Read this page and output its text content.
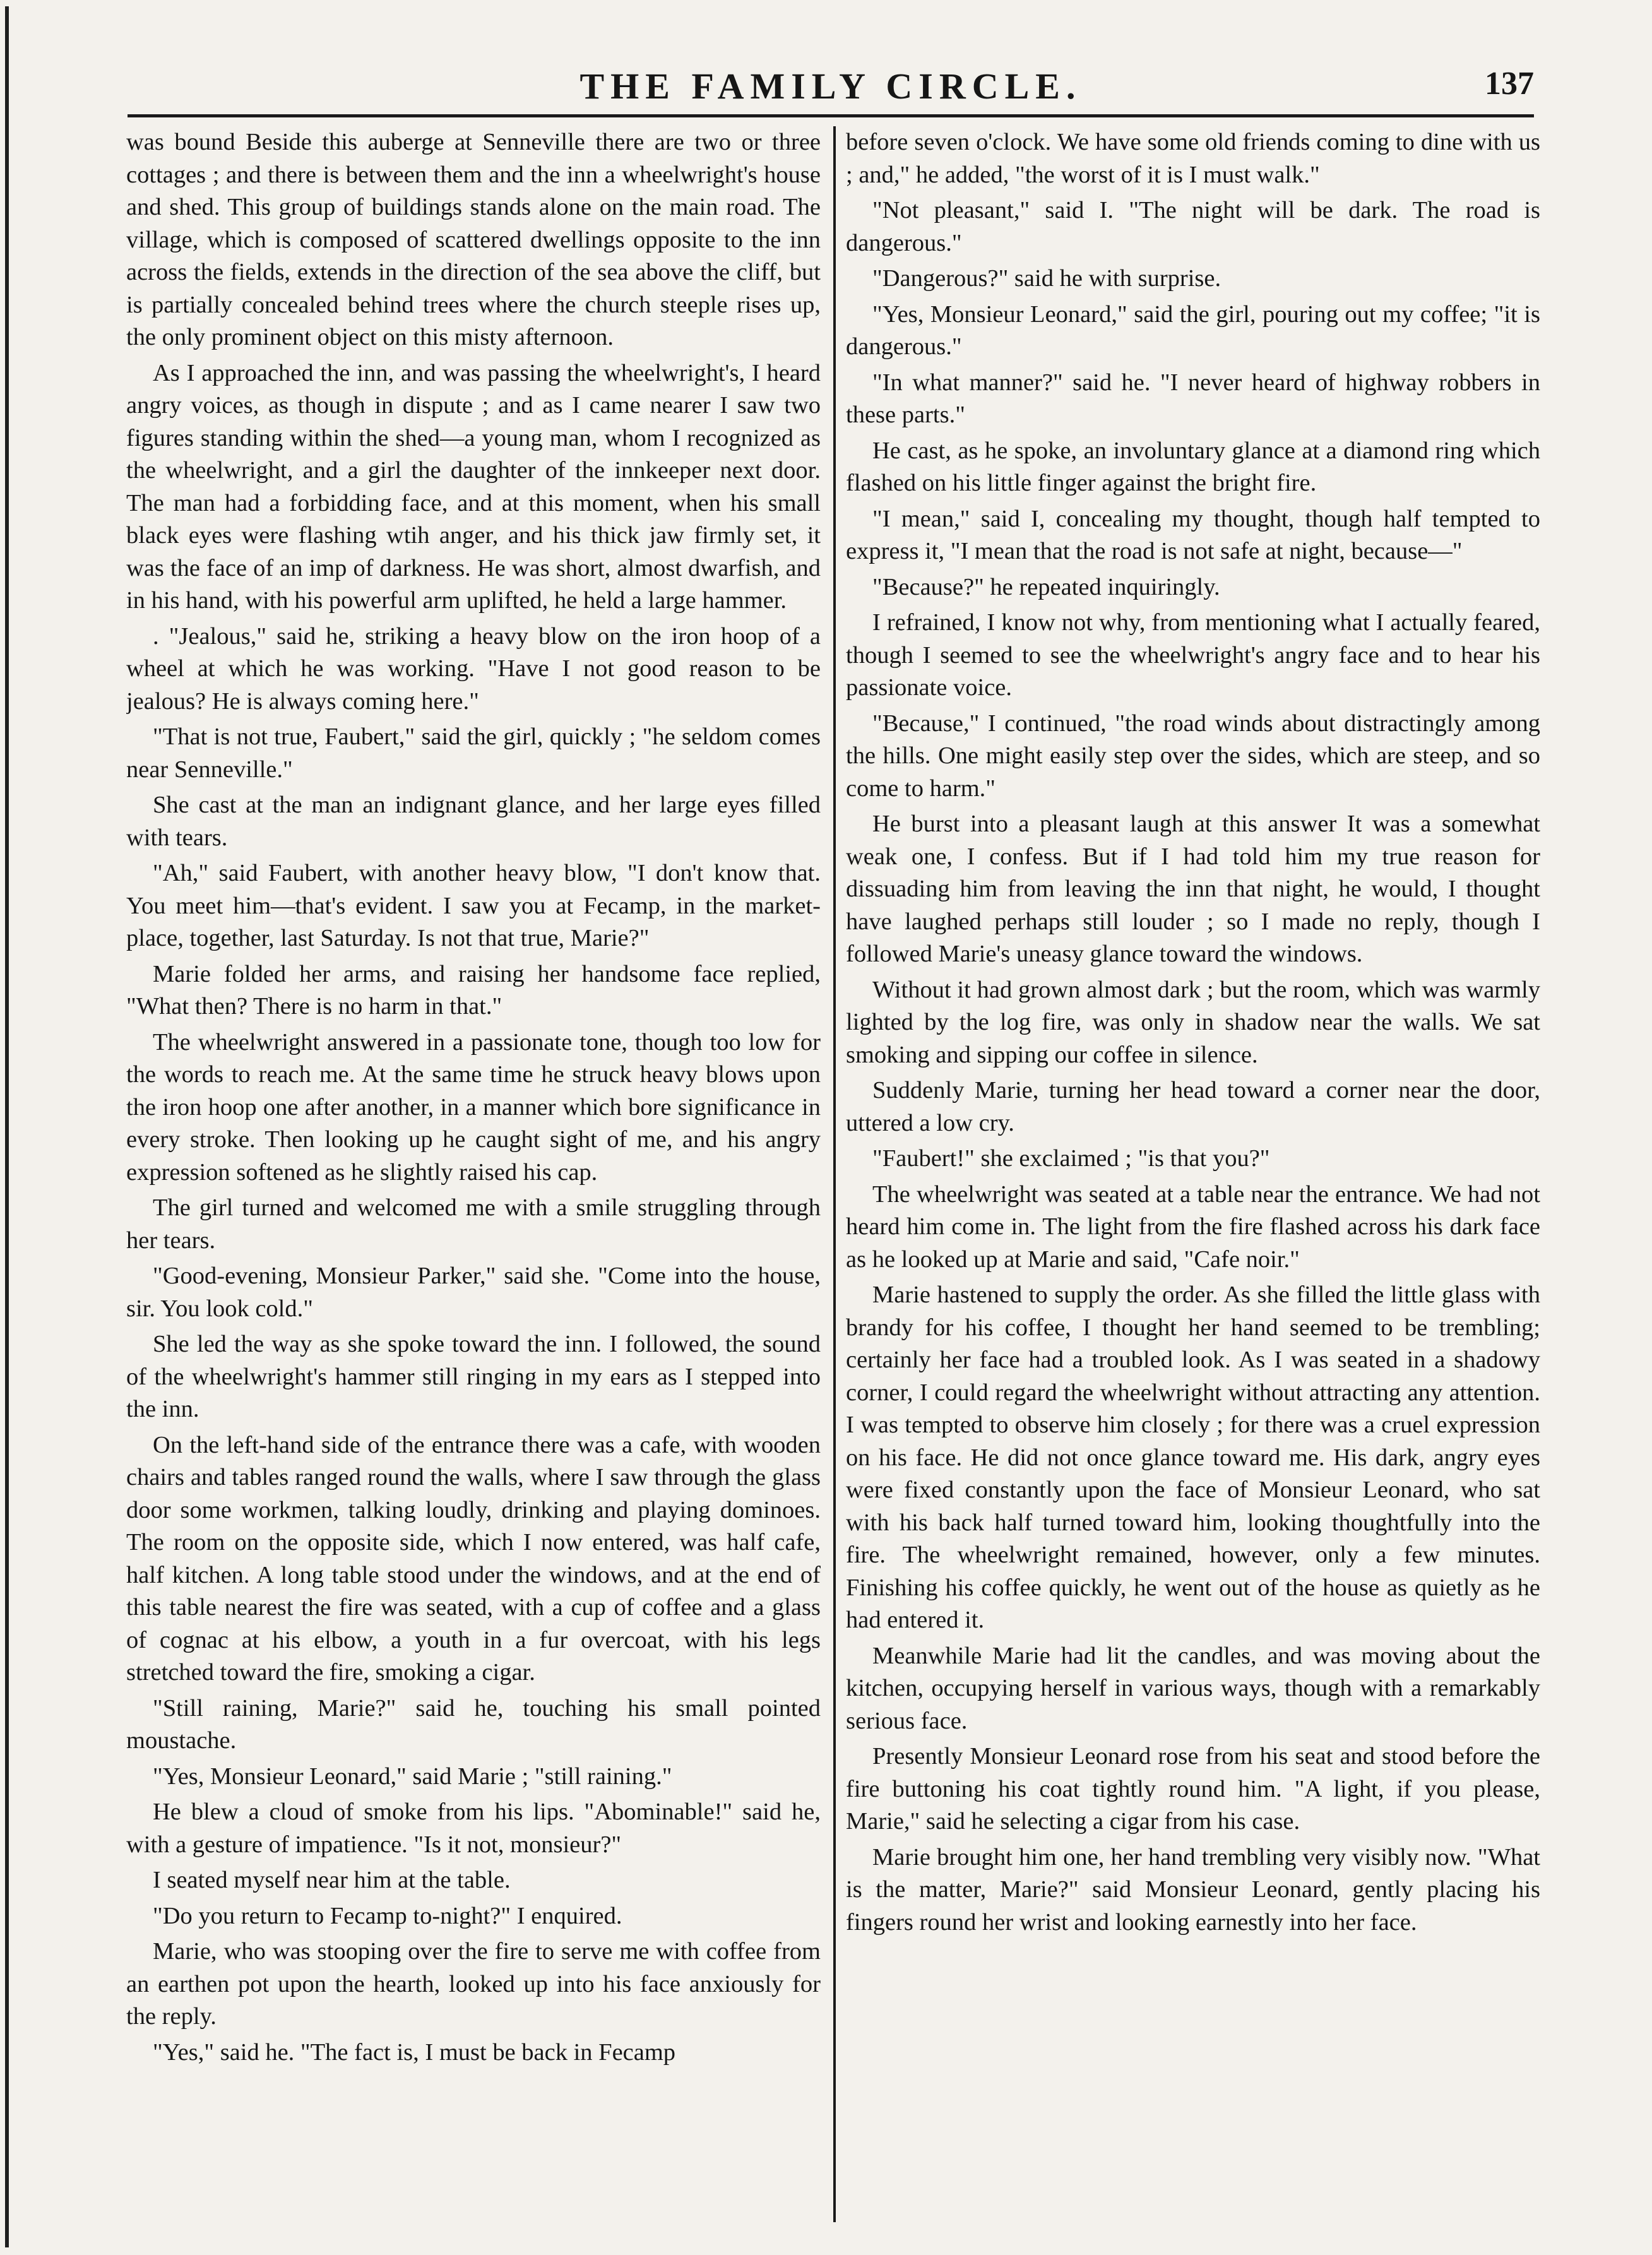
THE FAMILY CIRCLE.	137

was bound Beside this auberge at Senneville there are two or three cottages ; and there is between them and the inn a wheelwright's house and shed. This group of buildings stands alone on the main road. The village, which is composed of scattered dwellings opposite to the inn across the fields, extends in the direction of the sea above the cliff, but is partially concealed behind trees where the church steeple rises up, the only prominent object on this misty afternoon.

As I approached the inn, and was passing the wheelwright's, I heard angry voices, as though in dispute ; and as I came nearer I saw two figures standing within the shed—a young man, whom I recognized as the wheelwright, and a girl the daughter of the innkeeper next door. The man had a forbidding face, and at this moment, when his small black eyes were flashing wtih anger, and his thick jaw firmly set, it was the face of an imp of darkness. He was short, almost dwarfish, and in his hand, with his powerful arm uplifted, he held a large hammer.

. "Jealous," said he, striking a heavy blow on the iron hoop of a wheel at which he was working. "Have I not good reason to be jealous? He is always coming here."

"That is not true, Faubert," said the girl, quickly ; "he seldom comes near Senneville."

She cast at the man an indignant glance, and her large eyes filled with tears.

"Ah," said Faubert, with another heavy blow, "I don't know that. You meet him—that's evident. I saw you at Fecamp, in the market-place, together, last Saturday. Is not that true, Marie?"

Marie folded her arms, and raising her handsome face replied, "What then? There is no harm in that."

The wheelwright answered in a passionate tone, though too low for the words to reach me. At the same time he struck heavy blows upon the iron hoop one after another, in a manner which bore significance in every stroke. Then looking up he caught sight of me, and his angry expression softened as he slightly raised his cap.

The girl turned and welcomed me with a smile struggling through her tears.

"Good-evening, Monsieur Parker," said she. "Come into the house, sir. You look cold."

She led the way as she spoke toward the inn. I followed, the sound of the wheelwright's hammer still ringing in my ears as I stepped into the inn.

On the left-hand side of the entrance there was a cafe, with wooden chairs and tables ranged round the walls, where I saw through the glass door some workmen, talking loudly, drinking and playing dominoes. The room on the opposite side, which I now entered, was half cafe, half kitchen. A long table stood under the windows, and at the end of this table nearest the fire was seated, with a cup of coffee and a glass of cognac at his elbow, a youth in a fur overcoat, with his legs stretched toward the fire, smoking a cigar.

"Still raining, Marie?" said he, touching his small pointed moustache.

"Yes, Monsieur Leonard," said Marie ; "still raining."

He blew a cloud of smoke from his lips. "Abominable!" said he, with a gesture of impatience. "Is it not, monsieur?"

I seated myself near him at the table.

"Do you return to Fecamp to-night?" I enquired.

Marie, who was stooping over the fire to serve me with coffee from an earthen pot upon the hearth, looked up into his face anxiously for the reply.

"Yes," said he. "The fact is, I must be back in Fecamp

before seven o'clock. We have some old friends coming to dine with us ; and," he added, "the worst of it is I must walk."

"Not pleasant," said I. "The night will be dark. The road is dangerous."

"Dangerous?" said he with surprise.

"Yes, Monsieur Leonard," said the girl, pouring out my coffee; "it is dangerous."

"In what manner?" said he. "I never heard of highway robbers in these parts."

He cast, as he spoke, an involuntary glance at a diamond ring which flashed on his little finger against the bright fire.

"I mean," said I, concealing my thought, though half tempted to express it, "I mean that the road is not safe at night, because—"

"Because?" he repeated inquiringly.

I refrained, I know not why, from mentioning what I actually feared, though I seemed to see the wheelwright's angry face and to hear his passionate voice.

"Because," I continued, "the road winds about distractingly among the hills. One might easily step over the sides, which are steep, and so come to harm."

He burst into a pleasant laugh at this answer It was a somewhat weak one, I confess. But if I had told him my true reason for dissuading him from leaving the inn that night, he would, I thought have laughed perhaps still louder ; so I made no reply, though I followed Marie's uneasy glance toward the windows.

Without it had grown almost dark ; but the room, which was warmly lighted by the log fire, was only in shadow near the walls. We sat smoking and sipping our coffee in silence.

Suddenly Marie, turning her head toward a corner near the door, uttered a low cry.

"Faubert!" she exclaimed ; "is that you?"

The wheelwright was seated at a table near the entrance. We had not heard him come in. The light from the fire flashed across his dark face as he looked up at Marie and said, "Cafe noir."

Marie hastened to supply the order. As she filled the little glass with brandy for his coffee, I thought her hand seemed to be trembling; certainly her face had a troubled look. As I was seated in a shadowy corner, I could regard the wheelwright without attracting any attention. I was tempted to observe him closely ; for there was a cruel expression on his face. He did not once glance toward me. His dark, angry eyes were fixed constantly upon the face of Monsieur Leonard, who sat with his back half turned toward him, looking thoughtfully into the fire. The wheelwright remained, however, only a few minutes. Finishing his coffee quickly, he went out of the house as quietly as he had entered it.

Meanwhile Marie had lit the candles, and was moving about the kitchen, occupying herself in various ways, though with a remarkably serious face.

Presently Monsieur Leonard rose from his seat and stood before the fire buttoning his coat tightly round him. "A light, if you please, Marie," said he selecting a cigar from his case.

Marie brought him one, her hand trembling very visibly now. "What is the matter, Marie?" said Monsieur Leonard, gently placing his fingers round her wrist and looking earnestly into her face.
